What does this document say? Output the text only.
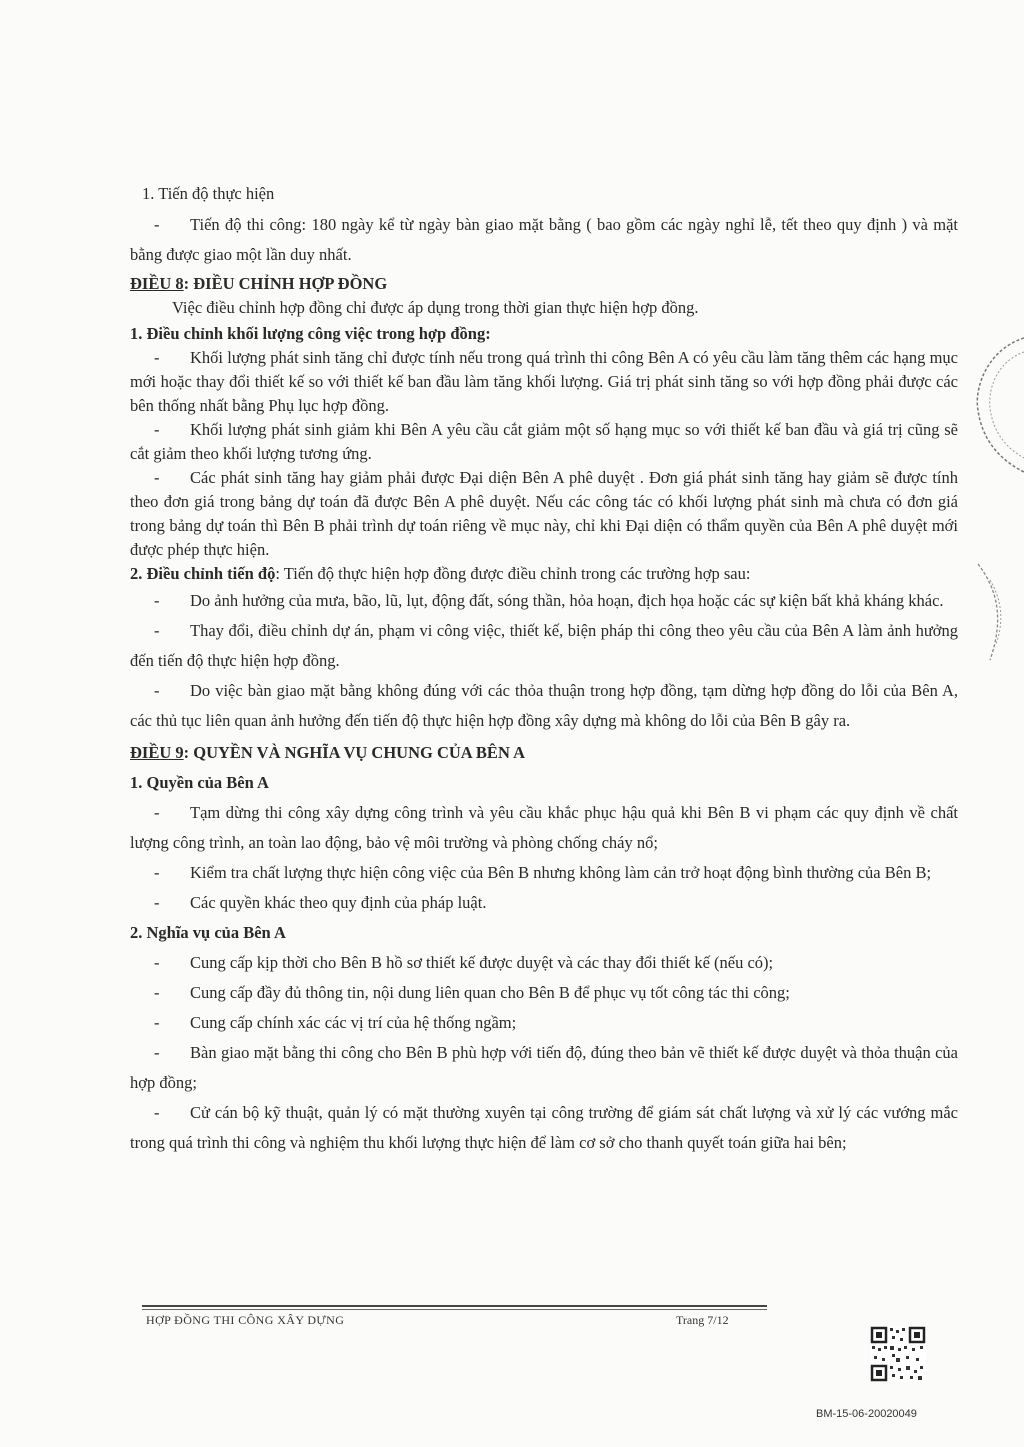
1. Tiến độ thực hiện

- Tiến độ thi công: 180 ngày kể từ ngày bàn giao mặt bằng ( bao gồm các ngày nghỉ lễ, tết theo quy định ) và mặt bằng được giao một lần duy nhất.

ĐIỀU 8: ĐIỀU CHỈNH HỢP ĐỒNG

Việc điều chỉnh hợp đồng chỉ được áp dụng trong thời gian thực hiện hợp đồng.

1. Điều chỉnh khối lượng công việc trong hợp đồng:

- Khối lượng phát sinh tăng chỉ được tính nếu trong quá trình thi công Bên A có yêu cầu làm tăng thêm các hạng mục mới hoặc thay đổi thiết kế so với thiết kế ban đầu làm tăng khối lượng. Giá trị phát sinh tăng so với hợp đồng phải được các bên thống nhất bằng Phụ lục hợp đồng.

- Khối lượng phát sinh giảm khi Bên A yêu cầu cắt giảm một số hạng mục so với thiết kế ban đầu và giá trị cũng sẽ cắt giảm theo khối lượng tương ứng.

- Các phát sinh tăng hay giảm phải được Đại diện Bên A phê duyệt . Đơn giá phát sinh tăng hay giảm sẽ được tính theo đơn giá trong bảng dự toán đã được Bên A phê duyệt. Nếu các công tác có khối lượng phát sinh mà chưa có đơn giá trong bảng dự toán thì Bên B phải trình dự toán riêng về mục này, chỉ khi Đại diện có thẩm quyền của Bên A phê duyệt mới được phép thực hiện.

2. Điều chỉnh tiến độ: Tiến độ thực hiện hợp đồng được điều chỉnh trong các trường hợp sau:

- Do ảnh hưởng của mưa, bão, lũ, lụt, động đất, sóng thần, hỏa hoạn, địch họa hoặc các sự kiện bất khả kháng khác.

- Thay đổi, điều chỉnh dự án, phạm vi công việc, thiết kế, biện pháp thi công theo yêu cầu của Bên A làm ảnh hưởng đến tiến độ thực hiện hợp đồng.

- Do việc bàn giao mặt bằng không đúng với các thỏa thuận trong hợp đồng, tạm dừng hợp đồng do lỗi của Bên A, các thủ tục liên quan ảnh hưởng đến tiến độ thực hiện hợp đồng xây dựng mà không do lỗi của Bên B gây ra.

ĐIỀU 9: QUYỀN VÀ NGHĨA VỤ CHUNG CỦA BÊN A

1. Quyền của Bên A

- Tạm dừng thi công xây dựng công trình và yêu cầu khắc phục hậu quả khi Bên B vi phạm các quy định về chất lượng công trình, an toàn lao động, bảo vệ môi trường và phòng chống cháy nổ;

- Kiểm tra chất lượng thực hiện công việc của Bên B nhưng không làm cản trở hoạt động bình thường của Bên B;

- Các quyền khác theo quy định của pháp luật.

2. Nghĩa vụ của Bên A

- Cung cấp kịp thời cho Bên B hồ sơ thiết kế được duyệt và các thay đổi thiết kế (nếu có);

- Cung cấp đầy đủ thông tin, nội dung liên quan cho Bên B để phục vụ tốt công tác thi công;

- Cung cấp chính xác các vị trí của hệ thống ngầm;

- Bàn giao mặt bằng thi công cho Bên B phù hợp với tiến độ, đúng theo bản vẽ thiết kế được duyệt và thỏa thuận của hợp đồng;

- Cử cán bộ kỹ thuật, quản lý có mặt thường xuyên tại công trường để giám sát chất lượng và xử lý các vướng mắc trong quá trình thi công và nghiệm thu khối lượng thực hiện để làm cơ sở cho thanh quyết toán giữa hai bên;

HỢP ĐỒNG THI CÔNG XÂY DỰNG	Trang 7/12
BM-15-06-20020049
